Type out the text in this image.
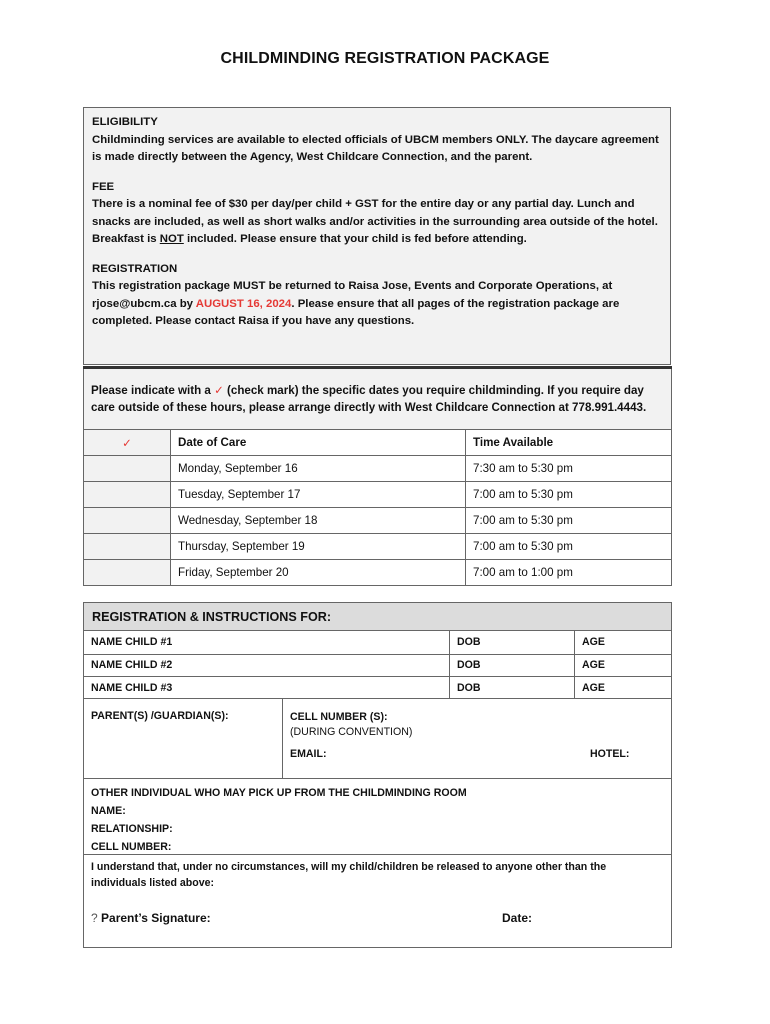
CHILDMINDING REGISTRATION PACKAGE
ELIGIBILITY
Childminding services are available to elected officials of UBCM members ONLY. The daycare agreement is made directly between the Agency, West Childcare Connection, and the parent.
FEE
There is a nominal fee of $30 per day/per child + GST for the entire day or any partial day. Lunch and snacks are included, as well as short walks and/or activities in the surrounding area outside of the hotel. Breakfast is NOT included. Please ensure that your child is fed before attending.
REGISTRATION
This registration package MUST be returned to Raisa Jose, Events and Corporate Operations, at rjose@ubcm.ca by AUGUST 16, 2024. Please ensure that all pages of the registration package are completed. Please contact Raisa if you have any questions.
Please indicate with a ✓ (check mark) the specific dates you require childminding. If you require day care outside of these hours, please arrange directly with West Childcare Connection at 778.991.4443.		
✓	Date of Care	Time Available
	Monday, September 16	7:30 am to 5:30 pm
	Tuesday, September 17	7:00 am to 5:30 pm
	Wednesday, September 18	7:00 am to 5:30 pm
	Thursday, September 19	7:00 am to 5:30 pm
	Friday, September 20	7:00 am to 1:00 pm
REGISTRATION & INSTRUCTIONS FOR:
NAME CHILD #1	DOB	AGE
NAME CHILD #2	DOB	AGE
NAME CHILD #3	DOB	AGE
PARENT(S) /GUARDIAN(S):	CELL NUMBER (S):
(DURING CONVENTION)
EMAIL:	HOTEL:
OTHER INDIVIDUAL WHO MAY PICK UP FROM THE CHILDMINDING ROOM
NAME:
RELATIONSHIP:
CELL NUMBER:
I understand that, under no circumstances, will my child/children be released to anyone other than the individuals listed above:
? Parent’s Signature:	Date:
